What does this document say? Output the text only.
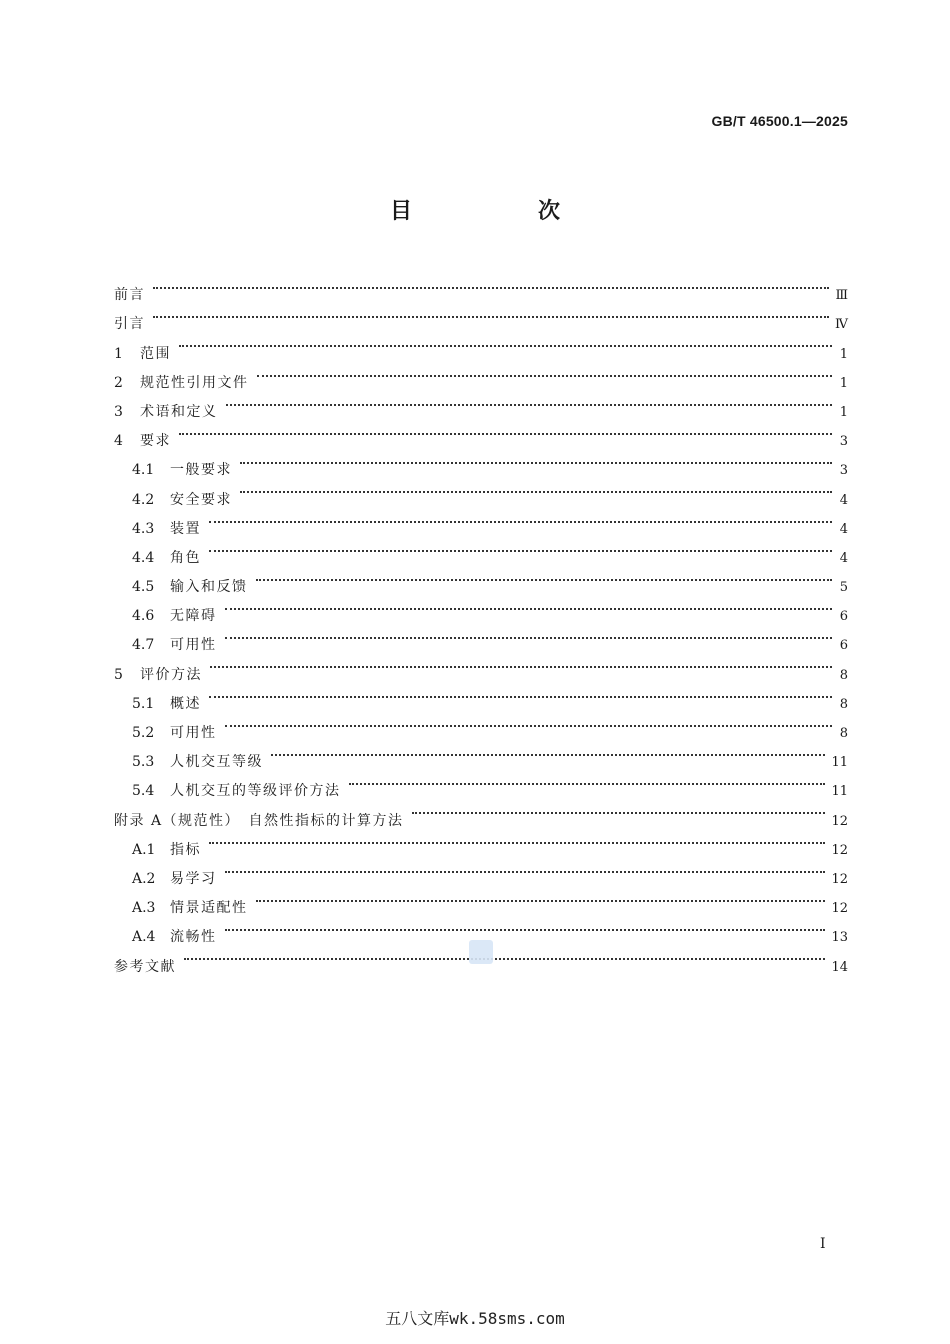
GB/T 46500.1—2025
目　次
前言	Ⅲ
引言	Ⅳ
1	范围	1
2	规范性引用文件	1
3	术语和定义	1
4	要求	3
4.1	一般要求	3
4.2	安全要求	4
4.3	装置	4
4.4	角色	4
4.5	输入和反馈	5
4.6	无障碍	6
4.7	可用性	6
5	评价方法	8
5.1	概述	8
5.2	可用性	8
5.3	人机交互等级	11
5.4	人机交互的等级评价方法	11
附录 A（规范性）　自然性指标的计算方法	12
A.1	指标	12
A.2	易学习	12
A.3	情景适配性	12
A.4	流畅性	13
参考文献	14
I
五八文库wk.58sms.com
